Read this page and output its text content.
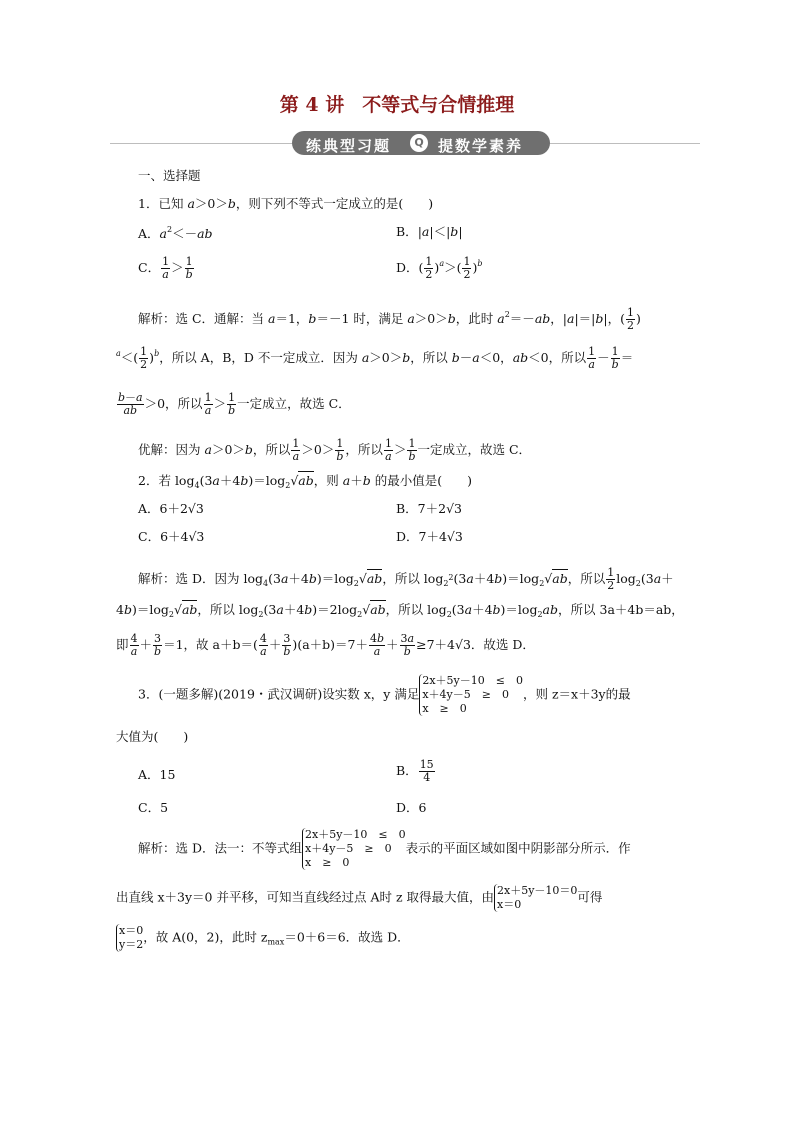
第 4 讲 不等式与合情推理
练典型习题	Q 提数学素养
一、选择题
1．已知 a＞0＞b，则下列不等式一定成立的是(　　)
A．$a^2<-ab$	B．|a|＜|b|
C． $\frac{1}{a} > \frac{1}{b}$	D．( $\frac{1}{2} )^a>( \frac{1}{2} )^b$
解析：选 C．通解：当 a＝1，b＝－1 时，满足 a＞0＞b，此时 $a^2=-ab$，|a|＝|b|，( $\frac{1}{2}$ )
$^a<( \frac{1}{2} )^b$，所以 A，B，D 不一定成立．因为 a＞0＞b，所以 b－a＜0，ab＜0，所以 $\frac{1}{a} - \frac{1}{b}$ ＝
$\frac{b-a}{ab} >0$，所以 $\frac{1}{a} > \frac{1}{b}$ 一定成立，故选 C．
优解：因为 a＞0＞b，所以 $\frac{1}{a} >0> \frac{1}{b}$ ，所以 $\frac{1}{a} > \frac{1}{b}$ 一定成立，故选 C．
2．若 $\log_4(3a+4b)=\log_2√ab$，则 a＋b 的最小值是(　　)
A．6＋2√3	B．7＋2√3
C．6＋4√3	D．7＋4√3
解析：选 D．因为 $\log_4(3a+4b)=\log_2√ab$，所以 $\log_{2^2}(3a+4b)=\log_2√ab$，所以 $\frac{1}{2} \log_2(3a+$
$4b)=\log_2√ab$，所以 $\log_2(3a+4b)=2\log_2√ab$，所以 $\log_2(3a+4b)=\log_2ab$，所以 3a＋4b＝ab，
即 $\frac{4}{a} + \frac{3}{b} =1$，故 $a+b=( \frac{4}{a} + \frac{3}{b} )(a+b)=7+ \frac{4b}{a} + \frac{3a}{b} \ge 7+4√3$．故选 D．
3．(一题多解)(2019・武汉调研)设实数 x，y 满足
2x＋5y－10　≤　0
x＋4y－5　≥　0
x　≥　0
，则 z＝x＋3y的最
大值为(　　)
A．15	B． $\frac{15}{4}$
C．5	D．6
解析：选 D．法一：不等式组
2x＋5y－10　≤　0
x＋4y－5　≥　0
x　≥　0
表示的平面区域如图中阴影部分所示．作
出直线 x＋3y＝0 并平移，可知当直线经过点 A时 z 取得最大值，由 2x＋5y－10＝0
x＝0	可得
x＝0
y＝2 ，故 A(0，2)，此时 $z_{max}=0+6=6$．故选 D．
